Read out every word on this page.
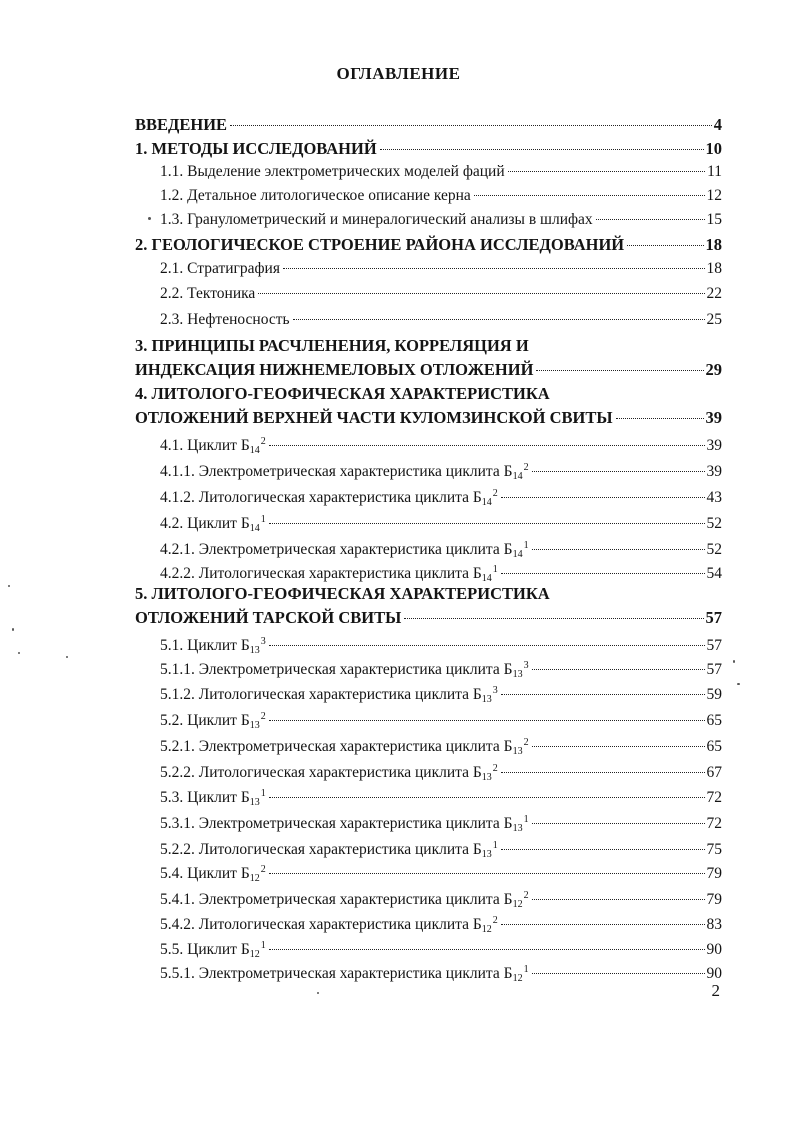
ОГЛАВЛЕНИЕ
ВВЕДЕНИЕ	4
1. МЕТОДЫ ИССЛЕДОВАНИЙ	10
1.1. Выделение электрометрических моделей фаций	11
1.2. Детальное литологическое описание керна	12
1.3. Гранулометрический и минералогический анализы в шлифах	15
2. ГЕОЛОГИЧЕСКОЕ СТРОЕНИЕ РАЙОНА ИССЛЕДОВАНИЙ	18
2.1. Стратиграфия	18
2.2. Тектоника	22
2.3. Нефтеносность	25
3. ПРИНЦИПЫ РАСЧЛЕНЕНИЯ, КОРРЕЛЯЦИЯ И
ИНДЕКСАЦИЯ НИЖНЕМЕЛОВЫХ ОТЛОЖЕНИЙ	29
4. ЛИТОЛОГО-ГЕОФИЧЕСКАЯ ХАРАКТЕРИСТИКА
ОТЛОЖЕНИЙ ВЕРХНЕЙ ЧАСТИ КУЛОМЗИНСКОЙ СВИТЫ	39
4.1. Циклит $Б14^2$	39
4.1.1. Электрометрическая характеристика циклита $Б14^2$	39
4.1.2. Литологическая характеристика циклита $Б14^2$	43
4.2. Циклит $Б14^1$	52
4.2.1. Электрометрическая характеристика циклита $Б14^1$	52
4.2.2. Литологическая характеристика циклита $Б14^1$	54
5. ЛИТОЛОГО-ГЕОФИЧЕСКАЯ ХАРАКТЕРИСТИКА
ОТЛОЖЕНИЙ ТАРСКОЙ СВИТЫ	57
5.1. Циклит $Б13^3$	57
5.1.1. Электрометрическая характеристика циклита $Б13^3$	57
5.1.2. Литологическая характеристика циклита $Б13^3$	59
5.2. Циклит $Б13^2$	65
5.2.1. Электрометрическая характеристика циклита $Б13^2$	65
5.2.2. Литологическая характеристика циклита $Б13^2$	67
5.3. Циклит $Б13^1$	72
5.3.1. Электрометрическая характеристика циклита $Б13^1$	72
5.2.2. Литологическая характеристика циклита $Б13^1$	75
5.4. Циклит $Б12^2$	79
5.4.1. Электрометрическая характеристика циклита $Б12^2$	79
5.4.2. Литологическая характеристика циклита $Б12^2$	83
5.5. Циклит $Б12^1$	90
5.5.1. Электрометрическая характеристика циклита $Б12^1$	90
2
